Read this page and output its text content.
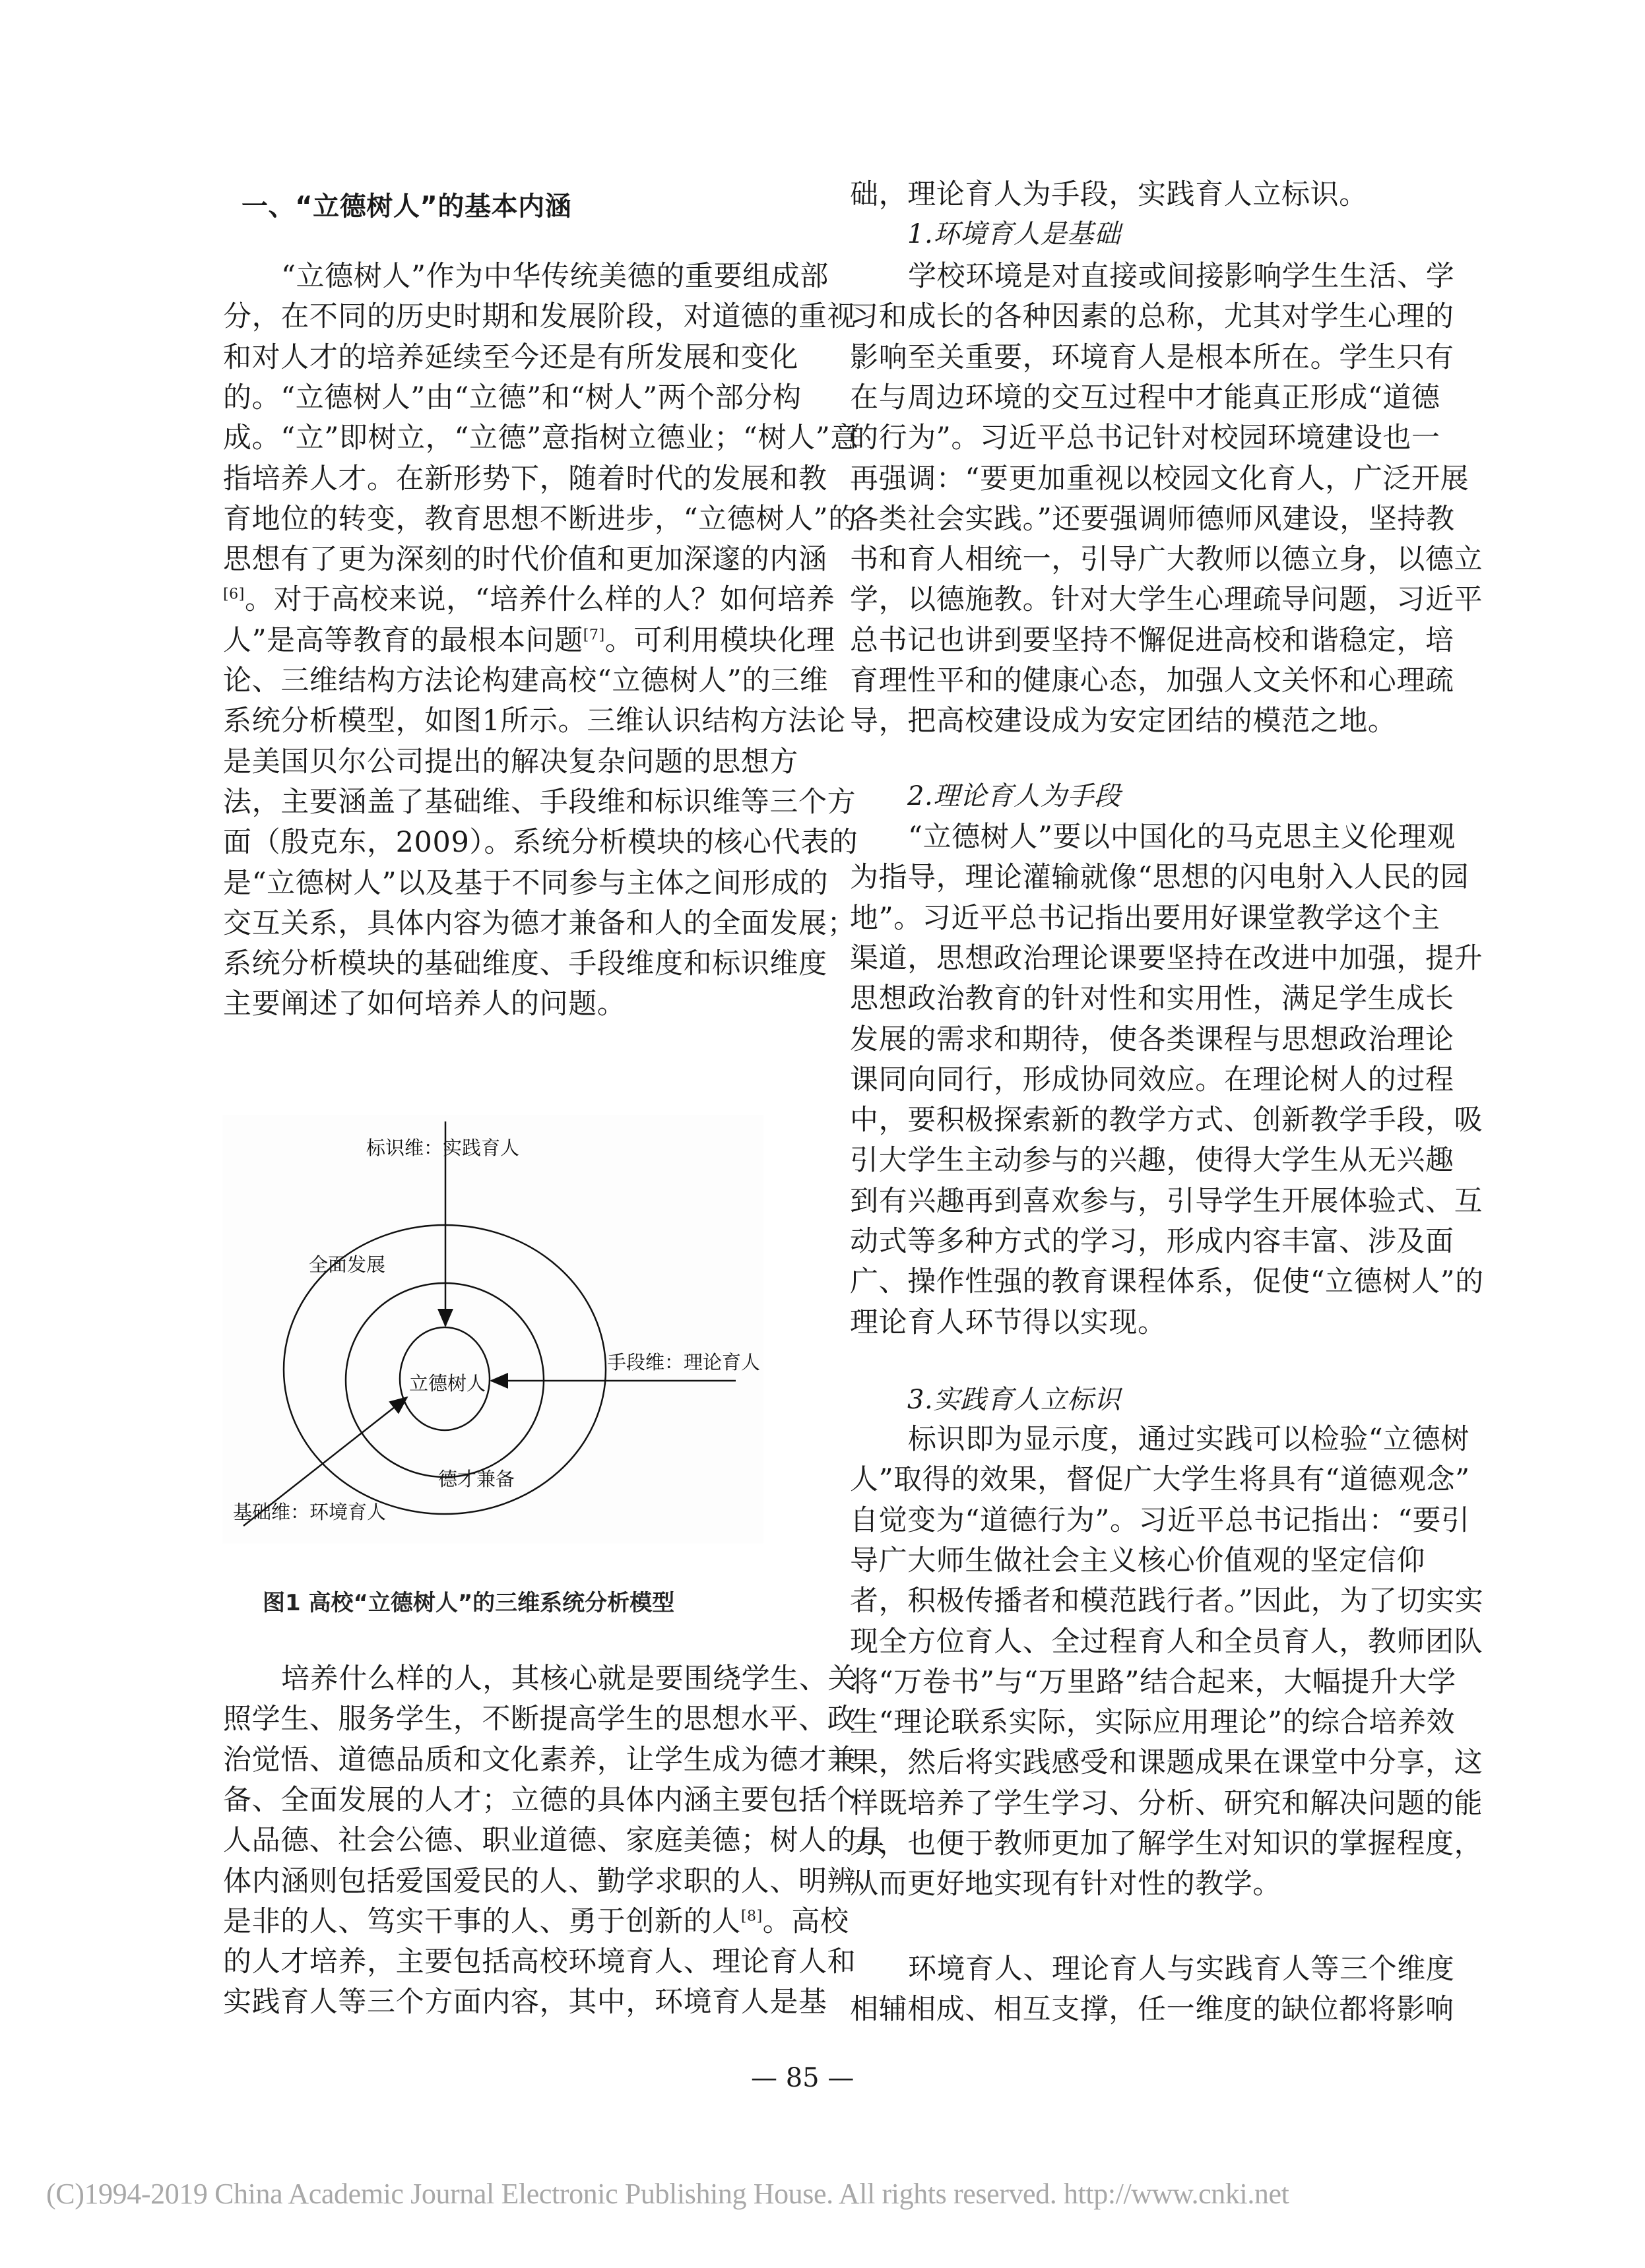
一、“立德树人”的基本内涵
“立德树人”作为中华传统美德的重要组成部
分，在不同的历史时期和发展阶段，对道德的重视
和对人才的培养延续至今还是有所发展和变化
的。“立德树人”由“立德”和“树人”两个部分构
成。“立”即树立，“立德”意指树立德业；“树人”意
指培养人才。在新形势下，随着时代的发展和教
育地位的转变，教育思想不断进步，“立德树人”的
思想有了更为深刻的时代价值和更加深邃的内涵
[6]。对于高校来说，“培养什么样的人？如何培养
人”是高等教育的最根本问题[7]。可利用模块化理
论、三维结构方法论构建高校“立德树人”的三维
系统分析模型，如图1所示。三维认识结构方法论
是美国贝尔公司提出的解决复杂问题的思想方
法，主要涵盖了基础维、手段维和标识维等三个方
面（殷克东，2009）。系统分析模块的核心代表的
是“立德树人”以及基于不同参与主体之间形成的
交互关系，具体内容为德才兼备和人的全面发展；
系统分析模块的基础维度、手段维度和标识维度
主要阐述了如何培养人的问题。
培养什么样的人，其核心就是要围绕学生、关
照学生、服务学生，不断提高学生的思想水平、政
治觉悟、道德品质和文化素养，让学生成为德才兼
备、全面发展的人才；立德的具体内涵主要包括个
人品德、社会公德、职业道德、家庭美德；树人的具
体内涵则包括爱国爱民的人、勤学求职的人、明辨
是非的人、笃实干事的人、勇于创新的人[8]。高校
的人才培养，主要包括高校环境育人、理论育人和
实践育人等三个方面内容，其中，环境育人是基
标识维：实践育人
全面发展
手段维：理论育人
立德树人
德才兼备
基础维：环境育人
图1 高校“立德树人”的三维系统分析模型
础，理论育人为手段，实践育人立标识。
1.环境育人是基础
学校环境是对直接或间接影响学生生活、学
习和成长的各种因素的总称，尤其对学生心理的
影响至关重要，环境育人是根本所在。学生只有
在与周边环境的交互过程中才能真正形成“道德
的行为”。习近平总书记针对校园环境建设也一
再强调：“要更加重视以校园文化育人，广泛开展
各类社会实践。”还要强调师德师风建设，坚持教
书和育人相统一，引导广大教师以德立身，以德立
学，以德施教。针对大学生心理疏导问题，习近平
总书记也讲到要坚持不懈促进高校和谐稳定，培
育理性平和的健康心态，加强人文关怀和心理疏
导，把高校建设成为安定团结的模范之地。
2.理论育人为手段
“立德树人”要以中国化的马克思主义伦理观
为指导，理论灌输就像“思想的闪电射入人民的园
地”。习近平总书记指出要用好课堂教学这个主
渠道，思想政治理论课要坚持在改进中加强，提升
思想政治教育的针对性和实用性，满足学生成长
发展的需求和期待，使各类课程与思想政治理论
课同向同行，形成协同效应。在理论树人的过程
中，要积极探索新的教学方式、创新教学手段，吸
引大学生主动参与的兴趣，使得大学生从无兴趣
到有兴趣再到喜欢参与，引导学生开展体验式、互
动式等多种方式的学习，形成内容丰富、涉及面
广、操作性强的教育课程体系，促使“立德树人”的
理论育人环节得以实现。
3.实践育人立标识
标识即为显示度，通过实践可以检验“立德树
人”取得的效果，督促广大学生将具有“道德观念”
自觉变为“道德行为”。习近平总书记指出：“要引
导广大师生做社会主义核心价值观的坚定信仰
者，积极传播者和模范践行者。”因此，为了切实实
现全方位育人、全过程育人和全员育人，教师团队
将“万卷书”与“万里路”结合起来，大幅提升大学
生“理论联系实际，实际应用理论”的综合培养效
果，然后将实践感受和课题成果在课堂中分享，这
样既培养了学生学习、分析、研究和解决问题的能
力，也便于教师更加了解学生对知识的掌握程度，
从而更好地实现有针对性的教学。
环境育人、理论育人与实践育人等三个维度
相辅相成、相互支撑，任一维度的缺位都将影响
— 85 —
(C)1994-2019 China Academic Journal Electronic Publishing House. All rights reserved. http://www.cnki.net
